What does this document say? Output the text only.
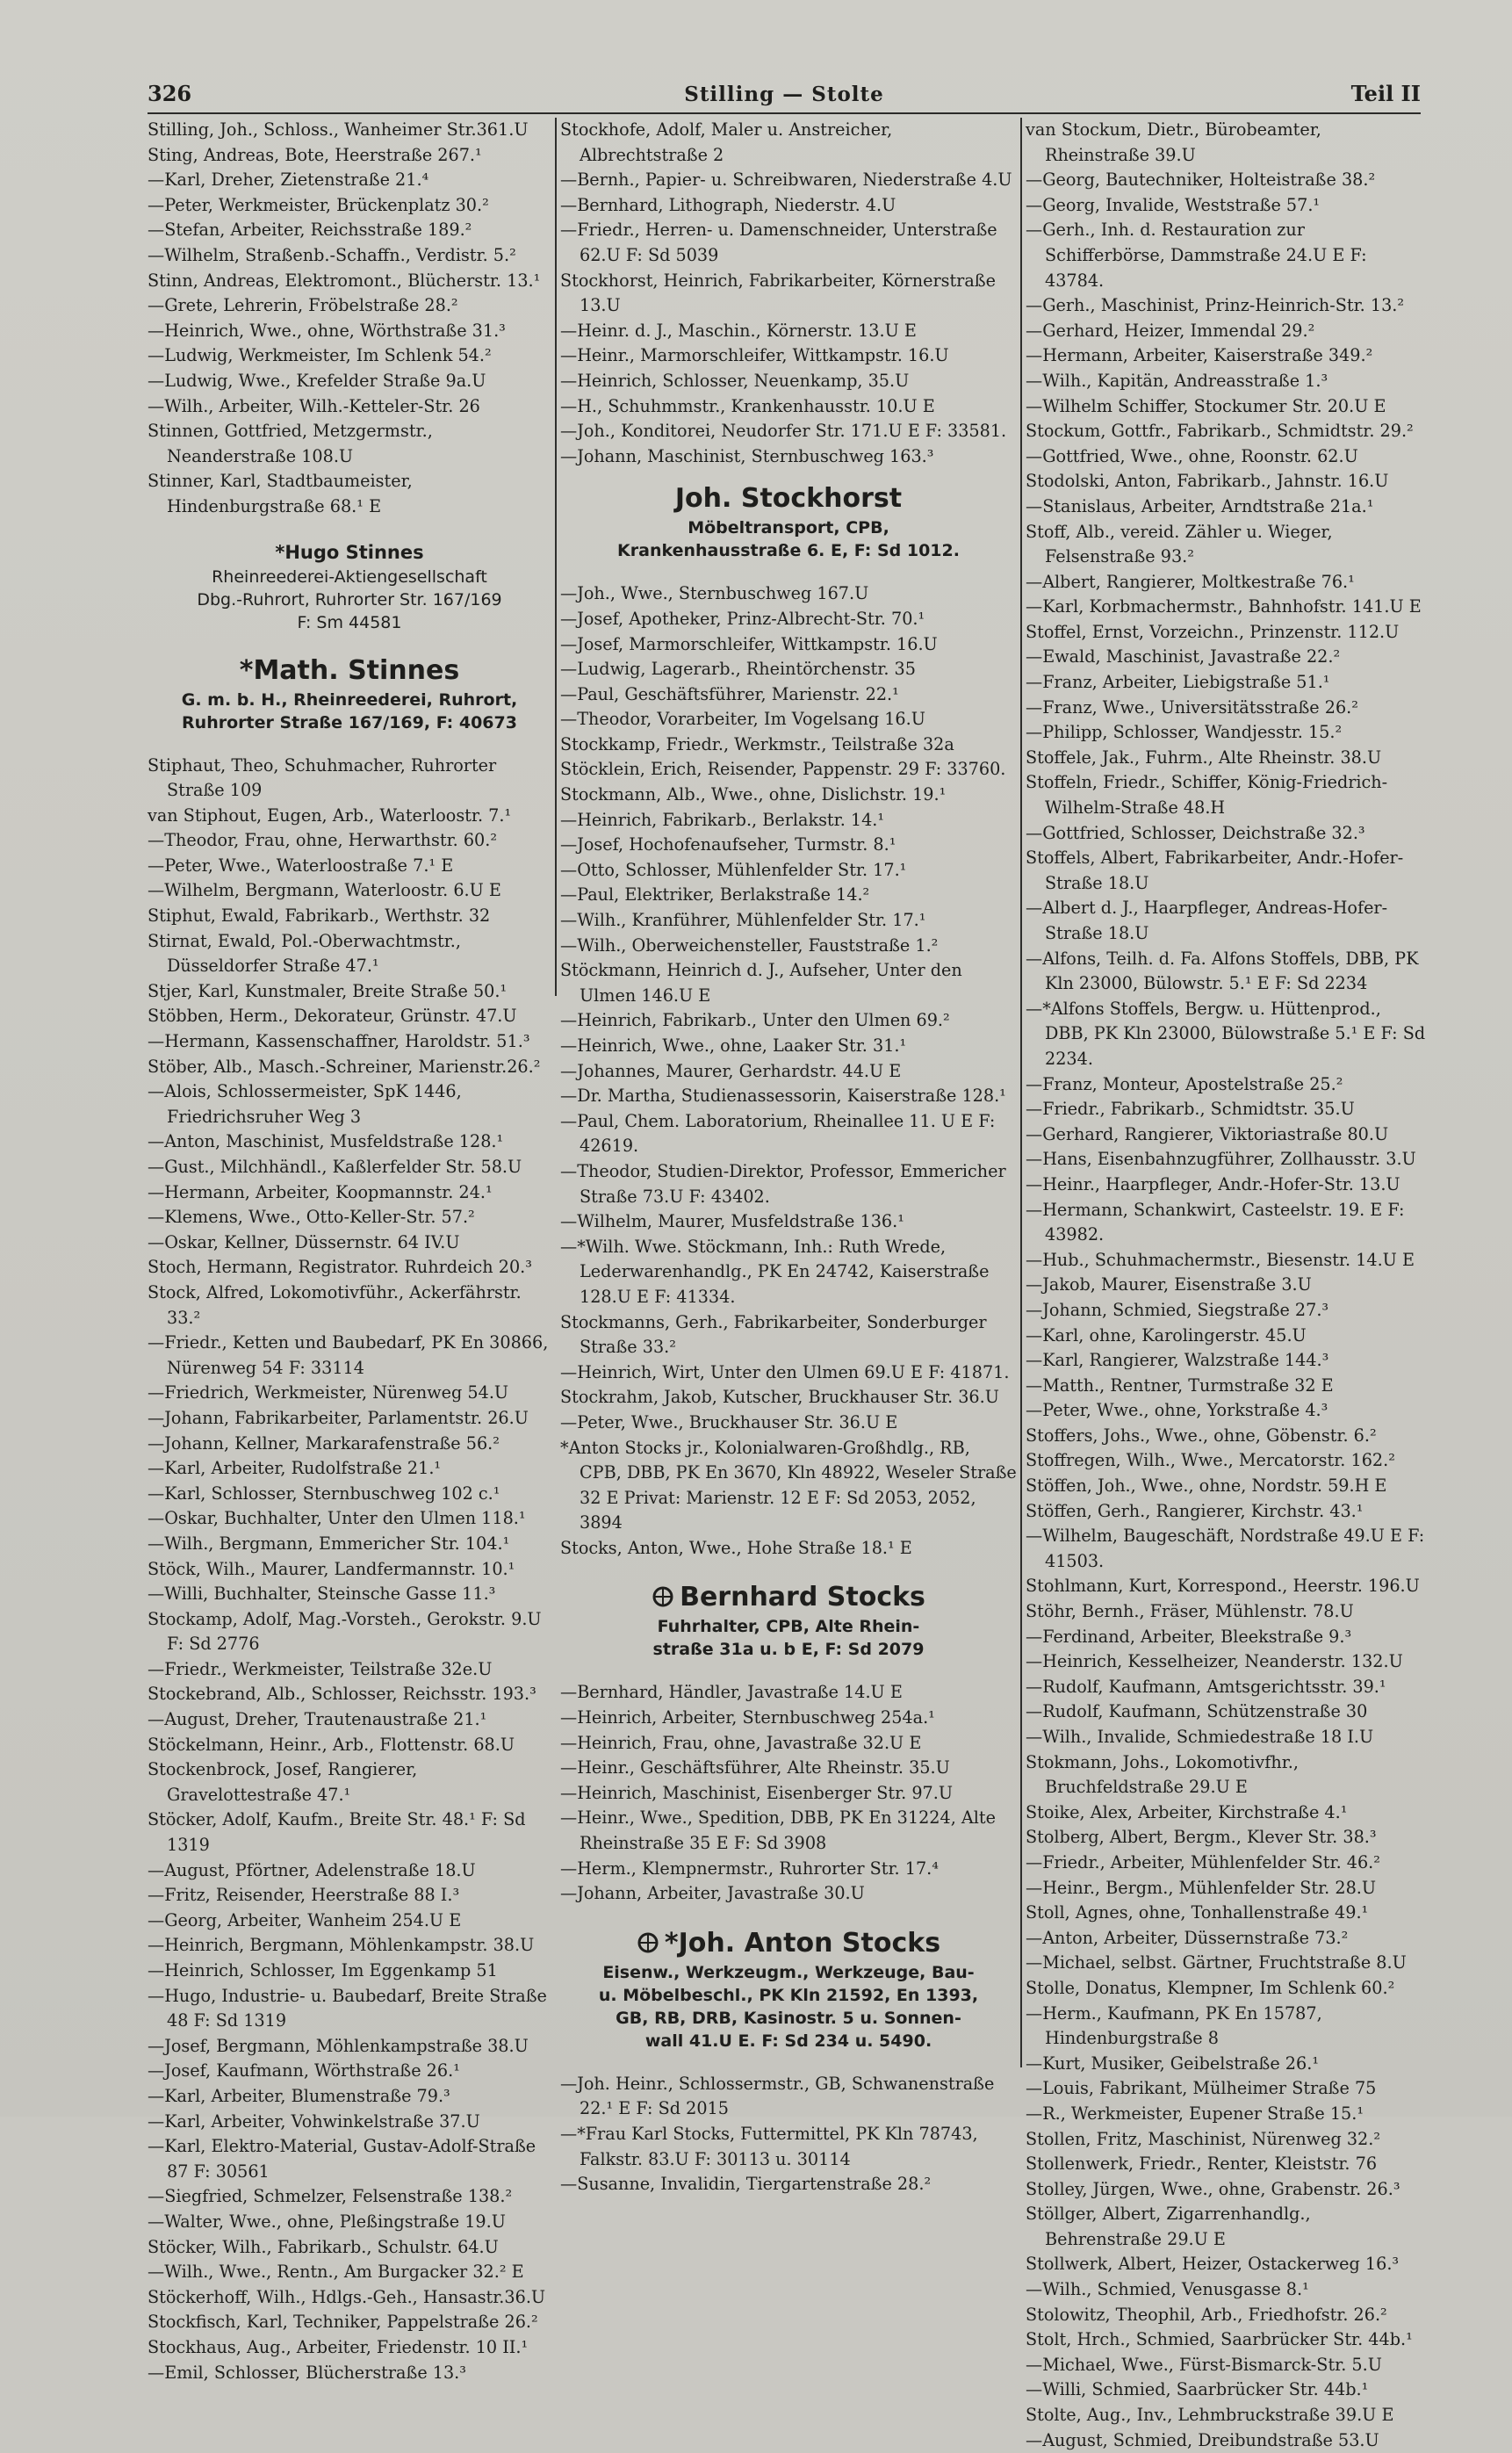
326	Stilling — Stolte	Teil II
Stilling, Joh., Schloss., Wanheimer Str.361.U
Sting, Andreas, Bote, Heerstraße 267.¹
—Karl, Dreher, Zietenstraße 21.⁴
—Peter, Werkmeister, Brückenplatz 30.²
—Stefan, Arbeiter, Reichsstraße 189.²
—Wilhelm, Straßenb.-Schaffn., Verdistr. 5.²
Stinn, Andreas, Elektromont., Blücherstr. 13.¹
—Grete, Lehrerin, Fröbelstraße 28.²
—Heinrich, Wwe., ohne, Wörthstraße 31.³
—Ludwig, Werkmeister, Im Schlenk 54.²
—Ludwig, Wwe., Krefelder Straße 9a.U
—Wilh., Arbeiter, Wilh.-Ketteler-Str. 26
Stinnen, Gottfried, Metzgermstr., Neanderstraße 108.U
Stinner, Karl, Stadtbaumeister, Hindenburgstraße 68.¹ E
*Hugo Stinnes
Rheinreederei-Aktiengesellschaft
Dbg.-Ruhrort, Ruhrorter Str. 167/169
F: Sm 44581
*Math. Stinnes
G. m. b. H., Rheinreederei, Ruhrort,
Ruhrorter Straße 167/169, F: 40673
Stiphaut, Theo, Schuhmacher, Ruhrorter Straße 109
van Stiphout, Eugen, Arb., Waterloostr. 7.¹
—Theodor, Frau, ohne, Herwarthstr. 60.²
—Peter, Wwe., Waterloostraße 7.¹ E
—Wilhelm, Bergmann, Waterloostr. 6.U E
Stiphut, Ewald, Fabrikarb., Werthstr. 32
Stirnat, Ewald, Pol.-Oberwachtmstr., Düsseldorfer Straße 47.¹
Stjer, Karl, Kunstmaler, Breite Straße 50.¹
Stöbben, Herm., Dekorateur, Grünstr. 47.U
—Hermann, Kassenschaffner, Haroldstr. 51.³
Stöber, Alb., Masch.-Schreiner, Marienstr.26.²
—Alois, Schlossermeister, SpK 1446, Friedrichsruher Weg 3
—Anton, Maschinist, Musfeldstraße 128.¹
—Gust., Milchhändl., Kaßlerfelder Str. 58.U
—Hermann, Arbeiter, Koopmannstr. 24.¹
—Klemens, Wwe., Otto-Keller-Str. 57.²
—Oskar, Kellner, Düssernstr. 64 IV.U
Stoch, Hermann, Registrator. Ruhrdeich 20.³
Stock, Alfred, Lokomotivführ., Ackerfährstr. 33.²
—Friedr., Ketten und Baubedarf, PK En 30866, Nürenweg 54 F: 33114
—Friedrich, Werkmeister, Nürenweg 54.U
—Johann, Fabrikarbeiter, Parlamentstr. 26.U
—Johann, Kellner, Markarafenstraße 56.²
—Karl, Arbeiter, Rudolfstraße 21.¹
—Karl, Schlosser, Sternbuschweg 102 c.¹
—Oskar, Buchhalter, Unter den Ulmen 118.¹
—Wilh., Bergmann, Emmericher Str. 104.¹
Stöck, Wilh., Maurer, Landfermannstr. 10.¹
—Willi, Buchhalter, Steinsche Gasse 11.³
Stockamp, Adolf, Mag.-Vorsteh., Gerokstr. 9.U F: Sd 2776
—Friedr., Werkmeister, Teilstraße 32e.U
Stockebrand, Alb., Schlosser, Reichsstr. 193.³
—August, Dreher, Trautenaustraße 21.¹
Stöckelmann, Heinr., Arb., Flottenstr. 68.U
Stockenbrock, Josef, Rangierer, Gravelottestraße 47.¹
Stöcker, Adolf, Kaufm., Breite Str. 48.¹ F: Sd 1319
—August, Pförtner, Adelenstraße 18.U
—Fritz, Reisender, Heerstraße 88 I.³
—Georg, Arbeiter, Wanheim 254.U E
—Heinrich, Bergmann, Möhlenkampstr. 38.U
—Heinrich, Schlosser, Im Eggenkamp 51
—Hugo, Industrie- u. Baubedarf, Breite Straße 48 F: Sd 1319
—Josef, Bergmann, Möhlenkampstraße 38.U
—Josef, Kaufmann, Wörthstraße 26.¹
—Karl, Arbeiter, Blumenstraße 79.³
—Karl, Arbeiter, Vohwinkelstraße 37.U
—Karl, Elektro-Material, Gustav-Adolf-Straße 87 F: 30561
—Siegfried, Schmelzer, Felsenstraße 138.²
—Walter, Wwe., ohne, Pleßingstraße 19.U
Stöcker, Wilh., Fabrikarb., Schulstr. 64.U
—Wilh., Wwe., Rentn., Am Burgacker 32.² E
Stöckerhoff, Wilh., Hdlgs.-Geh., Hansastr.36.U
Stockfisch, Karl, Techniker, Pappelstraße 26.²
Stockhaus, Aug., Arbeiter, Friedenstr. 10 II.¹
—Emil, Schlosser, Blücherstraße 13.³
Stockhofe, Adolf, Maler u. Anstreicher, Albrechtstraße 2
—Bernh., Papier- u. Schreibwaren, Niederstraße 4.U
—Bernhard, Lithograph, Niederstr. 4.U
—Friedr., Herren- u. Damenschneider, Unterstraße 62.U F: Sd 5039
Stockhorst, Heinrich, Fabrikarbeiter, Körnerstraße 13.U
—Heinr. d. J., Maschin., Körnerstr. 13.U E
—Heinr., Marmorschleifer, Wittkampstr. 16.U
—Heinrich, Schlosser, Neuenkamp, 35.U
—H., Schuhmmstr., Krankenhausstr. 10.U E
—Joh., Konditorei, Neudorfer Str. 171.U E F: 33581.
—Johann, Maschinist, Sternbuschweg 163.³
Joh. Stockhorst
Möbeltransport, CPB,
Krankenhausstraße 6. E, F: Sd 1012.
—Joh., Wwe., Sternbuschweg 167.U
—Josef, Apotheker, Prinz-Albrecht-Str. 70.¹
—Josef, Marmorschleifer, Wittkampstr. 16.U
—Ludwig, Lagerarb., Rheintörchenstr. 35
—Paul, Geschäftsführer, Marienstr. 22.¹
—Theodor, Vorarbeiter, Im Vogelsang 16.U
Stockkamp, Friedr., Werkmstr., Teilstraße 32a
Stöcklein, Erich, Reisender, Pappenstr. 29 F: 33760.
Stockmann, Alb., Wwe., ohne, Dislichstr. 19.¹
—Heinrich, Fabrikarb., Berlakstr. 14.¹
—Josef, Hochofenaufseher, Turmstr. 8.¹
—Otto, Schlosser, Mühlenfelder Str. 17.¹
—Paul, Elektriker, Berlakstraße 14.²
—Wilh., Kranführer, Mühlenfelder Str. 17.¹
—Wilh., Oberweichensteller, Fauststraße 1.²
Stöckmann, Heinrich d. J., Aufseher, Unter den Ulmen 146.U E
—Heinrich, Fabrikarb., Unter den Ulmen 69.²
—Heinrich, Wwe., ohne, Laaker Str. 31.¹
—Johannes, Maurer, Gerhardstr. 44.U E
—Dr. Martha, Studienassessorin, Kaiserstraße 128.¹
—Paul, Chem. Laboratorium, Rheinallee 11. U E F: 42619.
—Theodor, Studien-Direktor, Professor, Emmericher Straße 73.U F: 43402.
—Wilhelm, Maurer, Musfeldstraße 136.¹
—*Wilh. Wwe. Stöckmann, Inh.: Ruth Wrede, Lederwarenhandlg., PK En 24742, Kaiserstraße 128.U E F: 41334.
Stockmanns, Gerh., Fabrikarbeiter, Sonderburger Straße 33.²
—Heinrich, Wirt, Unter den Ulmen 69.U E F: 41871.
Stockrahm, Jakob, Kutscher, Bruckhauser Str. 36.U
—Peter, Wwe., Bruckhauser Str. 36.U E
*Anton Stocks jr., Kolonialwaren-Großhdlg., RB, CPB, DBB, PK En 3670, Kln 48922, Weseler Straße 32 E Privat: Marienstr. 12 E F: Sd 2053, 2052, 3894
Stocks, Anton, Wwe., Hohe Straße 18.¹ E
Bernhard Stocks
Fuhrhalter, CPB, Alte Rhein-
straße 31a u. b E, F: Sd 2079
—Bernhard, Händler, Javastraße 14.U E
—Heinrich, Arbeiter, Sternbuschweg 254a.¹
—Heinrich, Frau, ohne, Javastraße 32.U E
—Heinr., Geschäftsführer, Alte Rheinstr. 35.U
—Heinrich, Maschinist, Eisenberger Str. 97.U
—Heinr., Wwe., Spedition, DBB, PK En 31224, Alte Rheinstraße 35 E F: Sd 3908
—Herm., Klempnermstr., Ruhrorter Str. 17.⁴
—Johann, Arbeiter, Javastraße 30.U
*Joh. Anton Stocks
Eisenw., Werkzeugm., Werkzeuge, Bau-
u. Möbelbeschl., PK Kln 21592, En 1393,
GB, RB, DRB, Kasinostr. 5 u. Sonnen-
wall 41.U E. F: Sd 234 u. 5490.
—Joh. Heinr., Schlossermstr., GB, Schwanenstraße 22.¹ E F: Sd 2015
—*Frau Karl Stocks, Futtermittel, PK Kln 78743, Falkstr. 83.U F: 30113 u. 30114
—Susanne, Invalidin, Tiergartenstraße 28.²
van Stockum, Dietr., Bürobeamter, Rheinstraße 39.U
—Georg, Bautechniker, Holteistraße 38.²
—Georg, Invalide, Weststraße 57.¹
—Gerh., Inh. d. Restauration zur Schifferbörse, Dammstraße 24.U E F: 43784.
—Gerh., Maschinist, Prinz-Heinrich-Str. 13.²
—Gerhard, Heizer, Immendal 29.²
—Hermann, Arbeiter, Kaiserstraße 349.²
—Wilh., Kapitän, Andreasstraße 1.³
—Wilhelm Schiffer, Stockumer Str. 20.U E
Stockum, Gottfr., Fabrikarb., Schmidtstr. 29.²
—Gottfried, Wwe., ohne, Roonstr. 62.U
Stodolski, Anton, Fabrikarb., Jahnstr. 16.U
—Stanislaus, Arbeiter, Arndtstraße 21a.¹
Stoff, Alb., vereid. Zähler u. Wieger, Felsenstraße 93.²
—Albert, Rangierer, Moltkestraße 76.¹
—Karl, Korbmachermstr., Bahnhofstr. 141.U E
Stoffel, Ernst, Vorzeichn., Prinzenstr. 112.U
—Ewald, Maschinist, Javastraße 22.²
—Franz, Arbeiter, Liebigstraße 51.¹
—Franz, Wwe., Universitätsstraße 26.²
—Philipp, Schlosser, Wandjesstr. 15.²
Stoffele, Jak., Fuhrm., Alte Rheinstr. 38.U
Stoffeln, Friedr., Schiffer, König-Friedrich-Wilhelm-Straße 48.H
—Gottfried, Schlosser, Deichstraße 32.³
Stoffels, Albert, Fabrikarbeiter, Andr.-Hofer-Straße 18.U
—Albert d. J., Haarpfleger, Andreas-Hofer-Straße 18.U
—Alfons, Teilh. d. Fa. Alfons Stoffels, DBB, PK Kln 23000, Bülowstr. 5.¹ E F: Sd 2234
—*Alfons Stoffels, Bergw. u. Hüttenprod., DBB, PK Kln 23000, Bülowstraße 5.¹ E F: Sd 2234.
—Franz, Monteur, Apostelstraße 25.²
—Friedr., Fabrikarb., Schmidtstr. 35.U
—Gerhard, Rangierer, Viktoriastraße 80.U
—Hans, Eisenbahnzugführer, Zollhausstr. 3.U
—Heinr., Haarpfleger, Andr.-Hofer-Str. 13.U
—Hermann, Schankwirt, Casteelstr. 19. E F: 43982.
—Hub., Schuhmachermstr., Biesenstr. 14.U E
—Jakob, Maurer, Eisenstraße 3.U
—Johann, Schmied, Siegstraße 27.³
—Karl, ohne, Karolingerstr. 45.U
—Karl, Rangierer, Walzstraße 144.³
—Matth., Rentner, Turmstraße 32 E
—Peter, Wwe., ohne, Yorkstraße 4.³
Stoffers, Johs., Wwe., ohne, Göbenstr. 6.²
Stoffregen, Wilh., Wwe., Mercatorstr. 162.²
Stöffen, Joh., Wwe., ohne, Nordstr. 59.H E
Stöffen, Gerh., Rangierer, Kirchstr. 43.¹
—Wilhelm, Baugeschäft, Nordstraße 49.U E F: 41503.
Stohlmann, Kurt, Korrespond., Heerstr. 196.U
Stöhr, Bernh., Fräser, Mühlenstr. 78.U
—Ferdinand, Arbeiter, Bleekstraße 9.³
—Heinrich, Kesselheizer, Neanderstr. 132.U
—Rudolf, Kaufmann, Amtsgerichtsstr. 39.¹
—Rudolf, Kaufmann, Schützenstraße 30
—Wilh., Invalide, Schmiedestraße 18 I.U
Stokmann, Johs., Lokomotivfhr., Bruchfeldstraße 29.U E
Stoike, Alex, Arbeiter, Kirchstraße 4.¹
Stolberg, Albert, Bergm., Klever Str. 38.³
—Friedr., Arbeiter, Mühlenfelder Str. 46.²
—Heinr., Bergm., Mühlenfelder Str. 28.U
Stoll, Agnes, ohne, Tonhallenstraße 49.¹
—Anton, Arbeiter, Düssernstraße 73.²
—Michael, selbst. Gärtner, Fruchtstraße 8.U
Stolle, Donatus, Klempner, Im Schlenk 60.²
—Herm., Kaufmann, PK En 15787, Hindenburgstraße 8
—Kurt, Musiker, Geibelstraße 26.¹
—Louis, Fabrikant, Mülheimer Straße 75
—R., Werkmeister, Eupener Straße 15.¹
Stollen, Fritz, Maschinist, Nürenweg 32.²
Stollenwerk, Friedr., Renter, Kleiststr. 76
Stolley, Jürgen, Wwe., ohne, Grabenstr. 26.³
Stöllger, Albert, Zigarrenhandlg., Behrenstraße 29.U E
Stollwerk, Albert, Heizer, Ostackerweg 16.³
—Wilh., Schmied, Venusgasse 8.¹
Stolowitz, Theophil, Arb., Friedhofstr. 26.²
Stolt, Hrch., Schmied, Saarbrücker Str. 44b.¹
—Michael, Wwe., Fürst-Bismarck-Str. 5.U
—Willi, Schmied, Saarbrücker Str. 44b.¹
Stolte, Aug., Inv., Lehmbruckstraße 39.U E
—August, Schmied, Dreibundstraße 53.U
